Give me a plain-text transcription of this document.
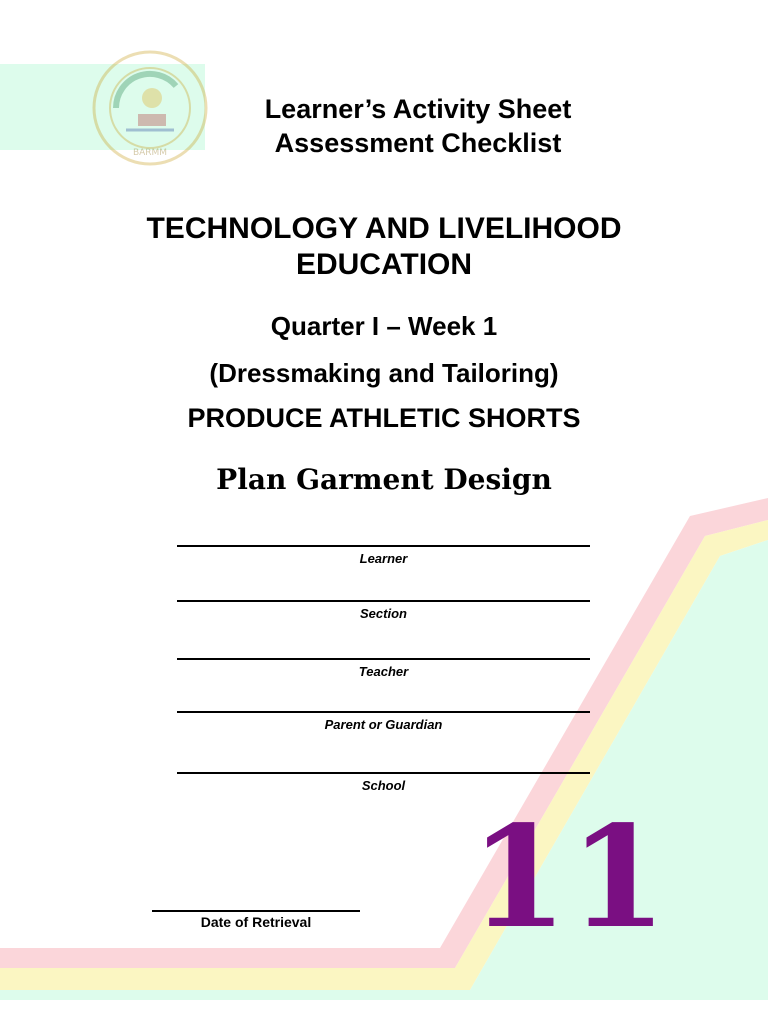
BARMM
Learner’s Activity Sheet
Assessment Checklist
TECHNOLOGY AND LIVELIHOOD
EDUCATION
Quarter I – Week 1
(Dressmaking and Tailoring)
PRODUCE ATHLETIC SHORTS
Plan Garment Design
Learner
Section
Teacher
Parent or Guardian
School
Date of Retrieval	11
